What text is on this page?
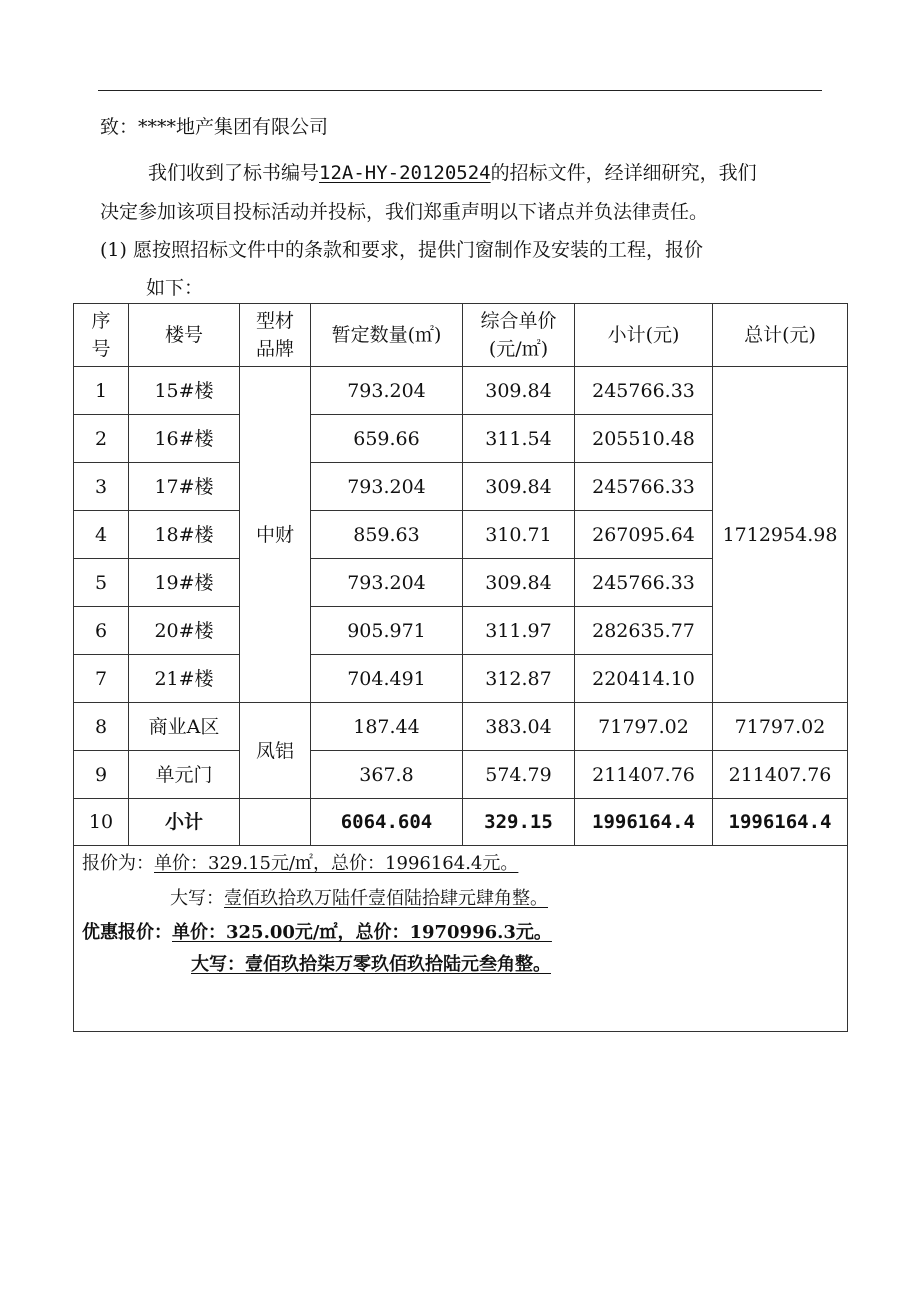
致：****地产集团有限公司
我们收到了标书编号12A-HY-20120524的招标文件，经详细研究，我们
决定参加该项目投标活动并投标，我们郑重声明以下诸点并负法律责任。
(1) 愿按照招标文件中的条款和要求，提供门窗制作及安装的工程，报价
如下：
序号	楼号	型材品牌	暂定数量(㎡)	综合单价(元/㎡)	小计(元)	总计(元)
1	15#楼	中财	793.204	309.84	245766.33	1712954.98
2	16#楼		659.66	311.54	205510.48	
3	17#楼		793.204	309.84	245766.33	
4	18#楼		859.63	310.71	267095.64	
5	19#楼		793.204	309.84	245766.33	
6	20#楼		905.971	311.97	282635.77	
7	21#楼		704.491	312.87	220414.10	
8	商业A区	凤铝	187.44	383.04	71797.02	71797.02
9	单元门		367.8	574.79	211407.76	211407.76
10	小计		6064.604	329.15	1996164.4	1996164.4

报价为：单价：329.15元/㎡，总价：1996164.4元。
大写：壹佰玖拾玖万陆仟壹佰陆拾肆元肆角整。
优惠报价：单价：325.00元/㎡，总价：1970996.3元。
大写：壹佰玖拾柒万零玖佰玖拾陆元叁角整。						
